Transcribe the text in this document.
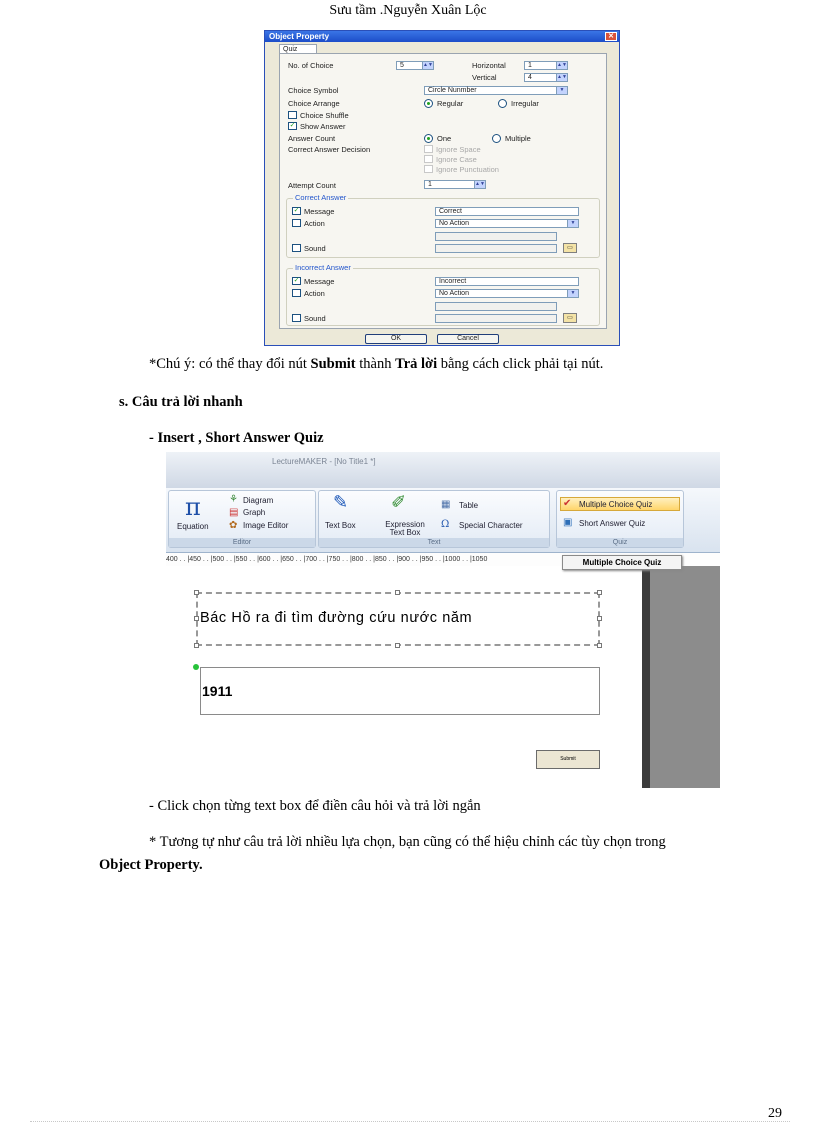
Sưu tầm .Nguyễn Xuân Lộc
Object Property	✕
Quiz
No. of Choice	5	▲▼	Horizontal	1	▲▼
Vertical	4	▲▼
Choice Symbol	Circle Nunmber	▼
Choice Arrange	Regular	Irregular
Choice Shuffle
✓ Show Answer
Answer Count	One	Multiple
Correct Answer Decision	Ignore Space
Ignore Case
Ignore Punctuation
Attempt Count	1	▲▼
Correct Answer
✓ Message	Correct
Action	No Action	▼
Sound	▭
Incorrect Answer
✓ Message	Incorrect
Action	No Action	▼
Sound	▭
OK	Cancel
*Chú ý: có thể thay đổi nút Submit thành Trả lời bằng cách click phải tại nút.
s. Câu trả lời nhanh
- Insert , Short Answer Quiz
LectureMAKER - [No Title1 *]
π
Equation
⚘ Diagram
▤ Graph
✿ Image Editor
Editor
✎
Text Box
✐
Expression Text Box
▦ Table
Ω Special Character
Text
✔ Multiple Choice Quiz
▣ Short Answer Quiz
Quiz
400 . . |450 . . |500 . . |550 . . |600 . . |650 . . |700 . . |750 . . |800 . . |850 . . |900 . . |950 . . |1000 . . |1050	Multiple Choice Quiz
Bác Hồ ra đi tìm đường cứu nước năm
1911
Submit
- Click chọn từng text box để điền câu hỏi và trả lời ngắn
* Tương tự như câu trả lời nhiều lựa chọn, bạn cũng có thể hiệu chỉnh các tùy chọn trong
Object Property.
29
